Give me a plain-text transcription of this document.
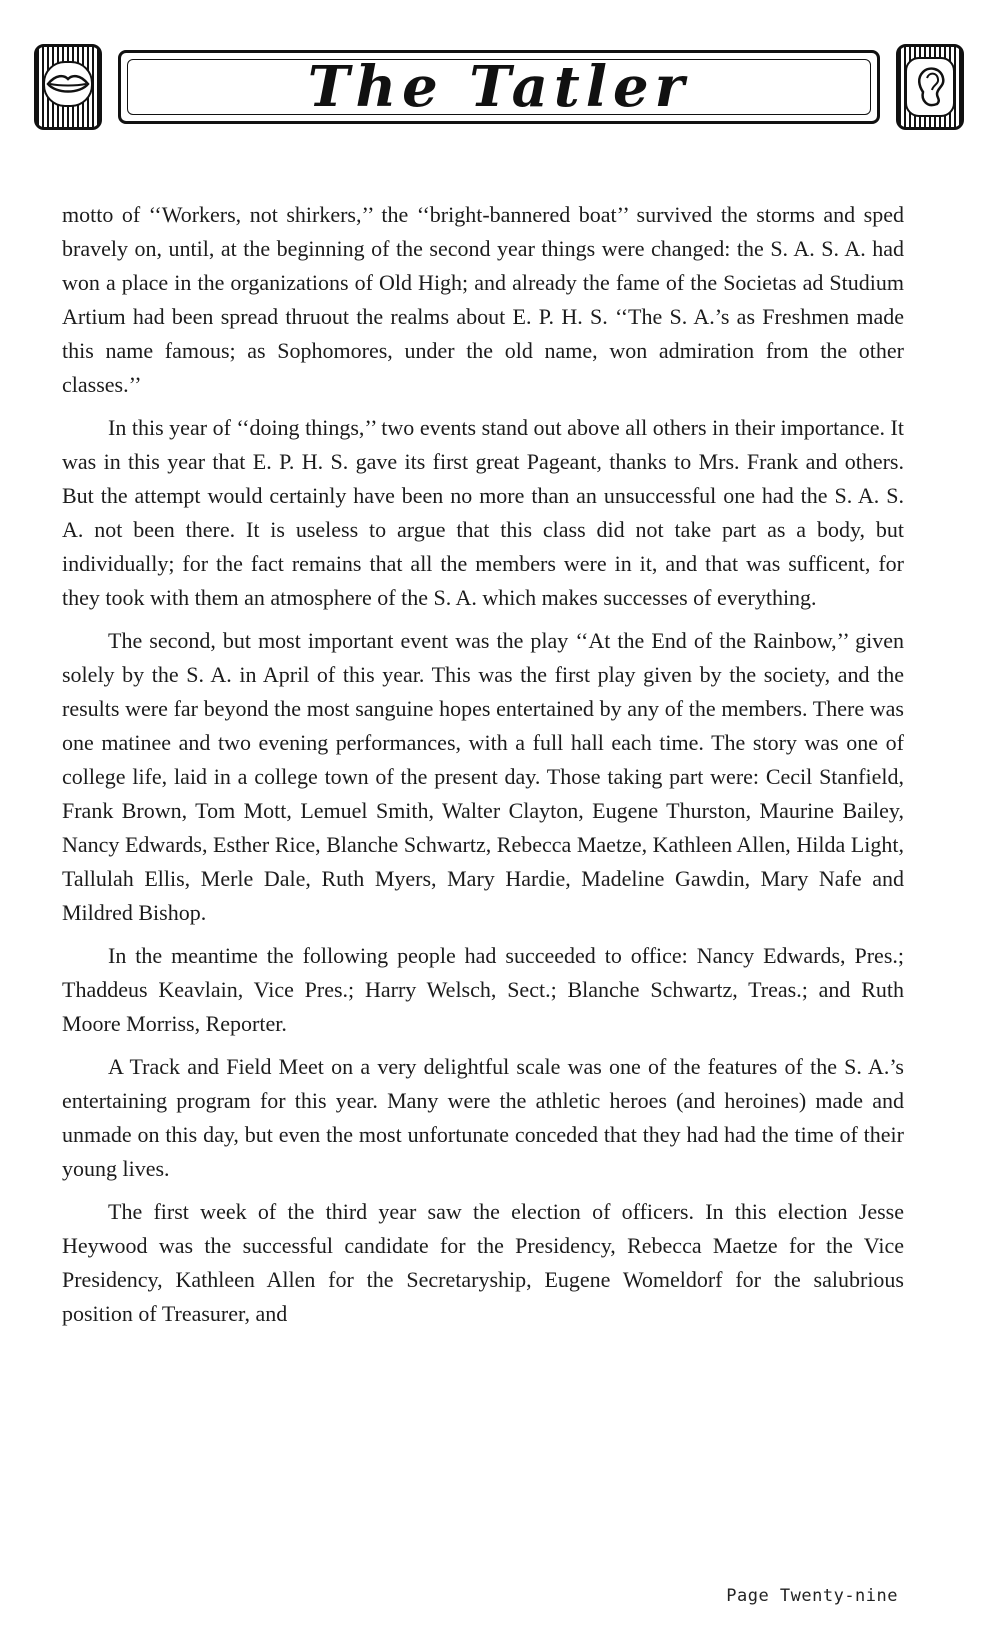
The Tatler

motto of ‘‘Workers, not shirkers,’’ the ‘‘bright-bannered boat’’ survived the storms and sped bravely on, until, at the beginning of the second year things were changed: the S. A. S. A. had won a place in the organizations of Old High; and already the fame of the Societas ad Studium Artium had been spread thruout the realms about E. P. H. S. ‘‘The S. A.’s as Freshmen made this name famous; as Sophomores, under the old name, won admiration from the other classes.’’

In this year of ‘‘doing things,’’ two events stand out above all others in their importance. It was in this year that E. P. H. S. gave its first great Pageant, thanks to Mrs. Frank and others. But the attempt would certainly have been no more than an unsuccessful one had the S. A. S. A. not been there. It is useless to argue that this class did not take part as a body, but individually; for the fact remains that all the members were in it, and that was sufficent, for they took with them an atmosphere of the S. A. which makes successes of everything.

The second, but most important event was the play ‘‘At the End of the Rainbow,’’ given solely by the S. A. in April of this year. This was the first play given by the society, and the results were far beyond the most sanguine hopes entertained by any of the members. There was one matinee and two evening performances, with a full hall each time. The story was one of college life, laid in a college town of the present day. Those taking part were: Cecil Stanfield, Frank Brown, Tom Mott, Lemuel Smith, Walter Clayton, Eugene Thurston, Maurine Bailey, Nancy Edwards, Esther Rice, Blanche Schwartz, Rebecca Maetze, Kathleen Allen, Hilda Light, Tallulah Ellis, Merle Dale, Ruth Myers, Mary Hardie, Madeline Gawdin, Mary Nafe and Mildred Bishop.

In the meantime the following people had succeeded to office: Nancy Edwards, Pres.; Thaddeus Keavlain, Vice Pres.; Harry Welsch, Sect.; Blanche Schwartz, Treas.; and Ruth Moore Morriss, Reporter.

A Track and Field Meet on a very delightful scale was one of the features of the S. A.’s entertaining program for this year. Many were the athletic heroes (and heroines) made and unmade on this day, but even the most unfortunate conceded that they had had the time of their young lives.

The first week of the third year saw the election of officers. In this election Jesse Heywood was the successful candidate for the Presidency, Rebecca Maetze for the Vice Presidency, Kathleen Allen for the Secretaryship, Eugene Womeldorf for the salubrious position of Treasurer, and

Page Twenty-nine
